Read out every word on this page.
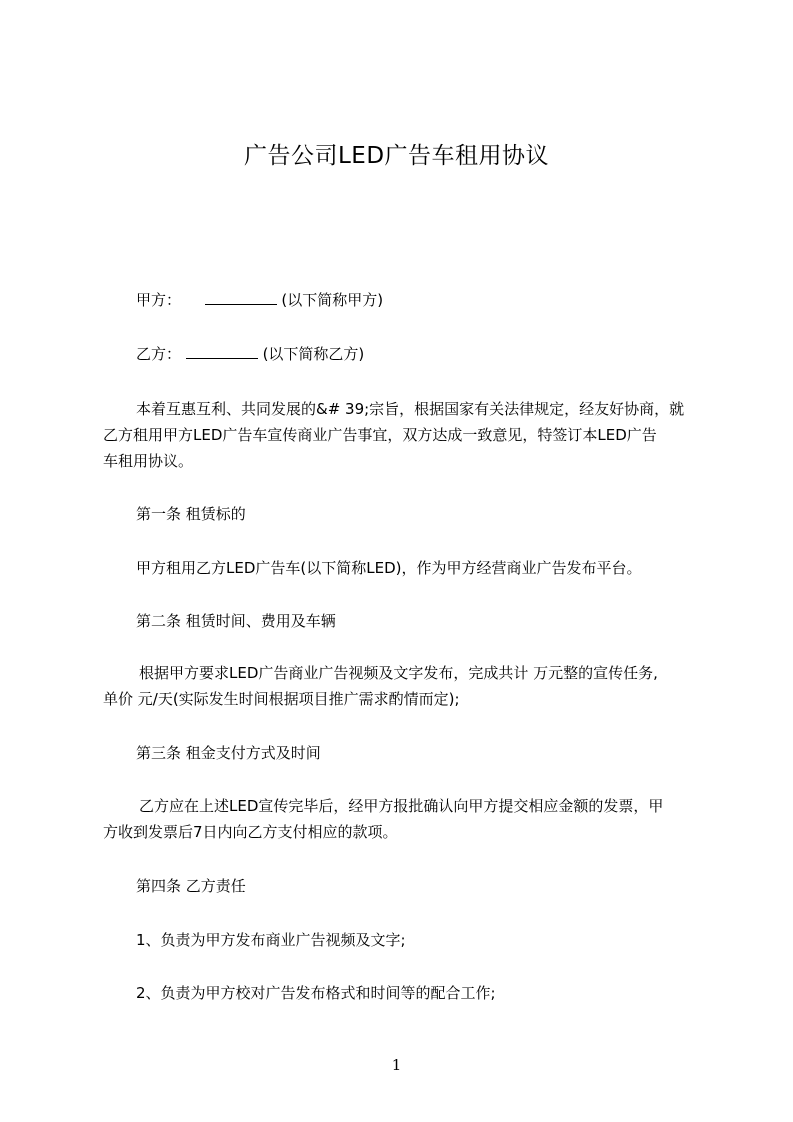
广告公司LED广告车租用协议
甲方：	(以下简称甲方)
乙方：	(以下简称乙方)
本着互惠互利、共同发展的&# 39;宗旨，根据国家有关法律规定，经友好协商，就
乙方租用甲方LED广告车宣传商业广告事宜，双方达成一致意见，特签订本LED广告
车租用协议。
第一条 租赁标的
甲方租用乙方LED广告车(以下简称LED)，作为甲方经营商业广告发布平台。
第二条 租赁时间、费用及车辆
根据甲方要求LED广告商业广告视频及文字发布，完成共计 万元整的宣传任务,
单价 元/天(实际发生时间根据项目推广需求酌情而定);
第三条 租金支付方式及时间
乙方应在上述LED宣传完毕后，经甲方报批确认向甲方提交相应金额的发票，甲
方收到发票后7日内向乙方支付相应的款项。
第四条 乙方责任
1、负责为甲方发布商业广告视频及文字;
2、负责为甲方校对广告发布格式和时间等的配合工作;
1
